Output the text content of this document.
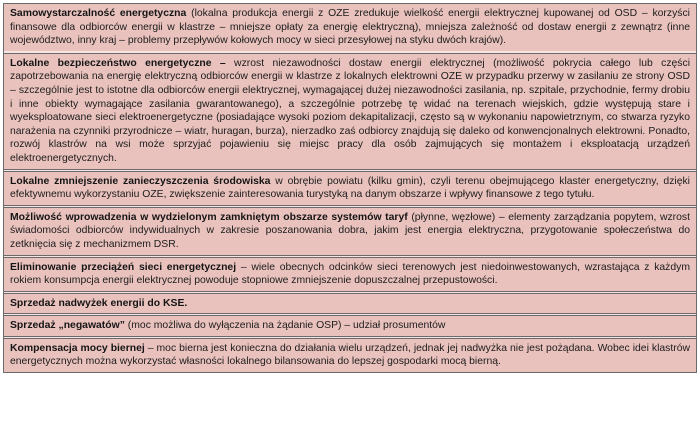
Samowystarczalność energetyczna (lokalna produkcja energii z OZE zredukuje wielkość energii elektrycznej kupowanej od OSD – korzyści finansowe dla odbiorców energii w klastrze – mniejsze opłaty za energię elektryczną), mniejsza zależność od dostaw energii z zewnątrz (inne województwo, inny kraj – problemy przepływów kołowych mocy w sieci przesyłowej na styku dwóch krajów).
Lokalne bezpieczeństwo energetyczne – wzrost niezawodności dostaw energii elektrycznej (możliwość pokrycia całego lub części zapotrzebowania na energię elektryczną odbiorców energii w klastrze z lokalnych elektrowni OZE w przypadku przerwy w zasilaniu ze strony OSD – szczególnie jest to istotne dla odbiorców energii elektrycznej, wymagającej dużej niezawodności zasilania, np. szpitale, przychodnie, fermy drobiu i inne obiekty wymagające zasilania gwarantowanego), a szczególnie potrzebę tę widać na terenach wiejskich, gdzie występują stare i wyeksploatowane sieci elektroenergetyczne (posiadające wysoki poziom dekapitalizacji, często są w wykonaniu napowietrznym, co stwarza ryzyko narażenia na czynniki przyrodnicze – wiatr, huragan, burza), nierzadko zaś odbiorcy znajdują się daleko od konwencjonalnych elektrowni. Ponadto, rozwój klastrów na wsi może sprzyjać pojawieniu się miejsc pracy dla osób zajmujących się montażem i eksploatacją urządzeń elektroenergetycznych.
Lokalne zmniejszenie zanieczyszczenia środowiska w obrębie powiatu (kilku gmin), czyli terenu obejmującego klaster energetyczny, dzięki efektywnemu wykorzystaniu OZE, zwiększenie zainteresowania turystyką na danym obszarze i wpływy finansowe z tego tytułu.
Możliwość wprowadzenia w wydzielonym zamkniętym obszarze systemów taryf (płynne, węzłowe) – elementy zarządzania popytem, wzrost świadomości odbiorców indywidualnych w zakresie poszanowania dobra, jakim jest energia elektryczna, przygotowanie społeczeństwa do zetknięcia się z mechanizmem DSR.
Eliminowanie przeciążeń sieci energetycznej – wiele obecnych odcinków sieci terenowych jest niedoinwestowanych, wzrastająca z każdym rokiem konsumpcja energii elektrycznej powoduje stopniowe zmniejszenie dopuszczalnej przepustowości.
Sprzedaż nadwyżek energii do KSE.
Sprzedaż „negawatów” (moc możliwa do wyłączenia na żądanie OSP) – udział prosumentów
Kompensacja mocy biernej – moc bierna jest konieczna do działania wielu urządzeń, jednak jej nadwyżka nie jest pożądana. Wobec idei klastrów energetycznych można wykorzystać własności lokalnego bilansowania do lepszej gospodarki mocą bierną.
